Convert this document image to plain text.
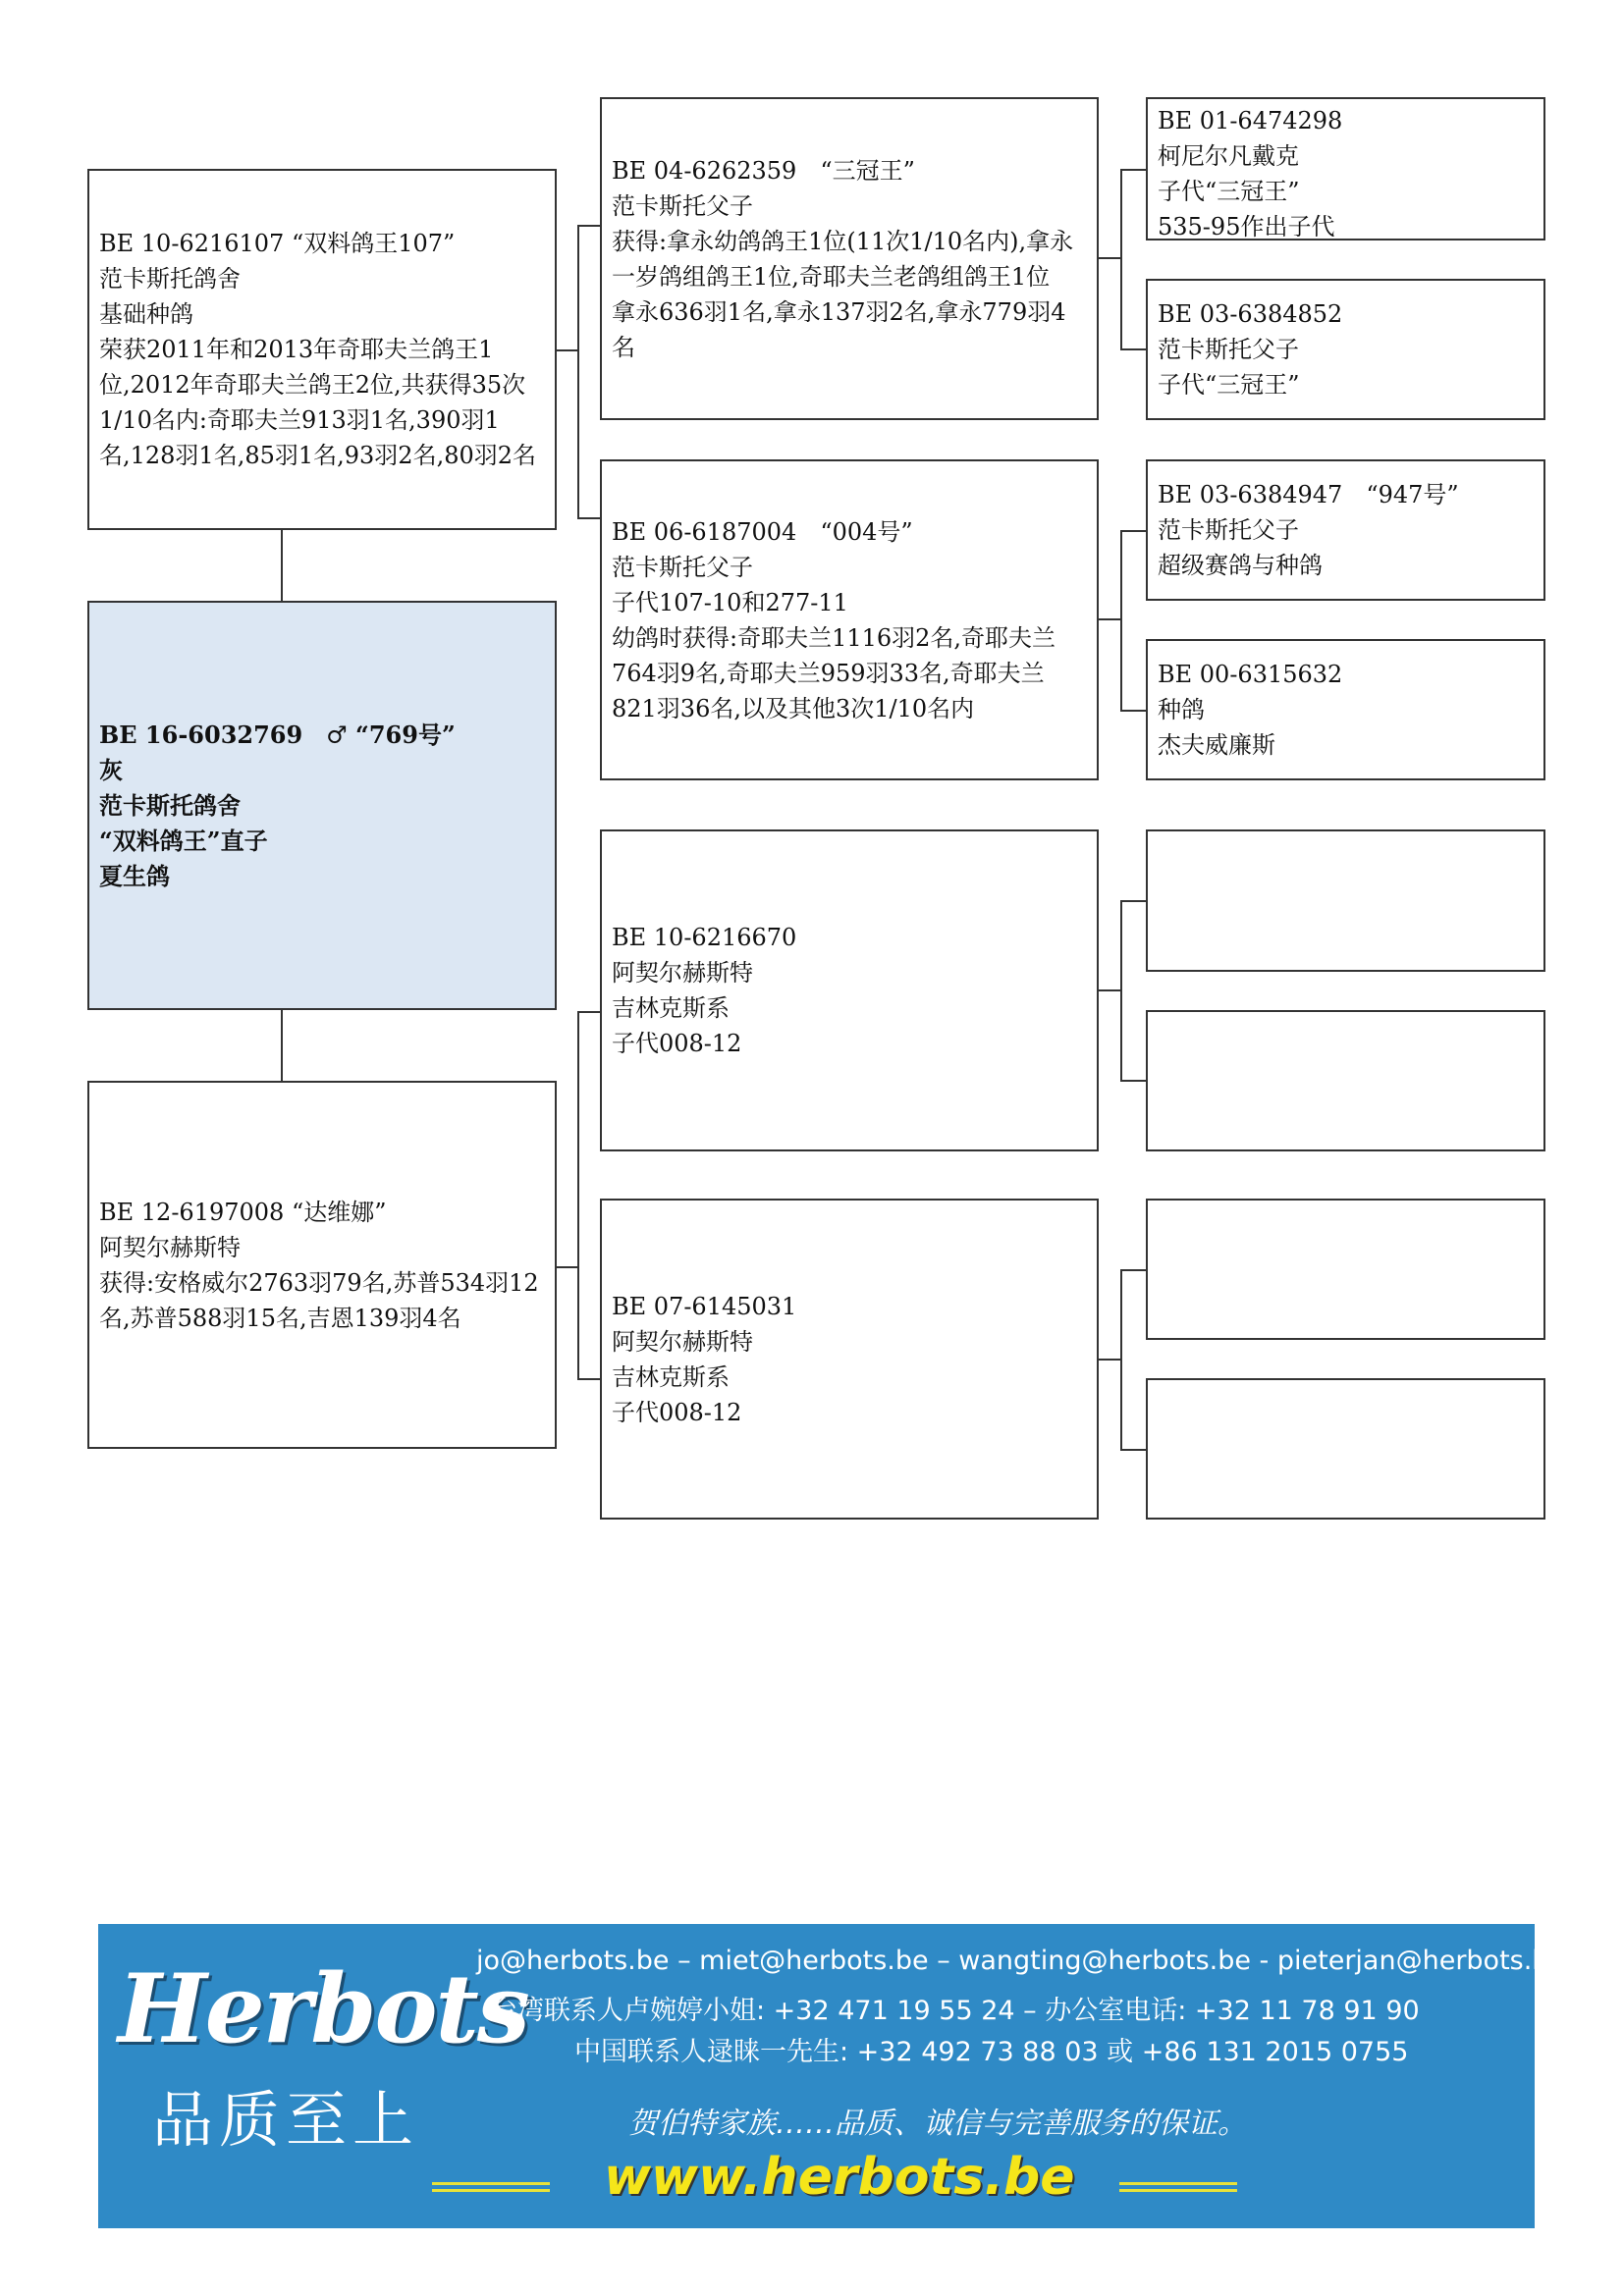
BE 10-6216107 “双料鸽王107”
范卡斯托鸽舍
基础种鸽
荣获2011年和2013年奇耶夫兰鸽王1位,2012年奇耶夫兰鸽王2位,共获得35次1/10名内:奇耶夫兰913羽1名,390羽1名,128羽1名,85羽1名,93羽2名,80羽2名
BE 16-6032769　♂ “769号”
灰
范卡斯托鸽舍
“双料鸽王”直子
夏生鸽
BE 12-6197008 “达维娜”
阿契尔赫斯特
获得:安格威尔2763羽79名,苏普534羽12名,苏普588羽15名,吉恩139羽4名
BE 04-6262359　“三冠王”
范卡斯托父子
获得:拿永幼鸽鸽王1位(11次1/10名内),拿永一岁鸽组鸽王1位,奇耶夫兰老鸽组鸽王1位
拿永636羽1名,拿永137羽2名,拿永779羽4名
BE 06-6187004　“004号”
范卡斯托父子
子代107-10和277-11
幼鸽时获得:奇耶夫兰1116羽2名,奇耶夫兰764羽9名,奇耶夫兰959羽33名,奇耶夫兰821羽36名,以及其他3次1/10名内
BE 10-6216670
阿契尔赫斯特
吉林克斯系
子代008-12
BE 07-6145031
阿契尔赫斯特
吉林克斯系
子代008-12
BE 01-6474298
柯尼尔凡戴克
子代“三冠王”
535-95作出子代
BE 03-6384852
范卡斯托父子
子代“三冠王”
BE 03-6384947　“947号”
范卡斯托父子
超级赛鸽与种鸽
BE 00-6315632
种鸽
杰夫威廉斯
Herbots
品质至上
jo@herbots.be – miet@herbots.be – wangting@herbots.be - pieterjan@herbots.be
台湾联系人卢婉婷小姐: +32 471 19 55 24 – 办公室电话: +32 11 78 91 90
中国联系人逯睐一先生: +32 492 73 88 03 或 +86 131 2015 0755
贺伯特家族……品质、诚信与完善服务的保证。
www.herbots.be
